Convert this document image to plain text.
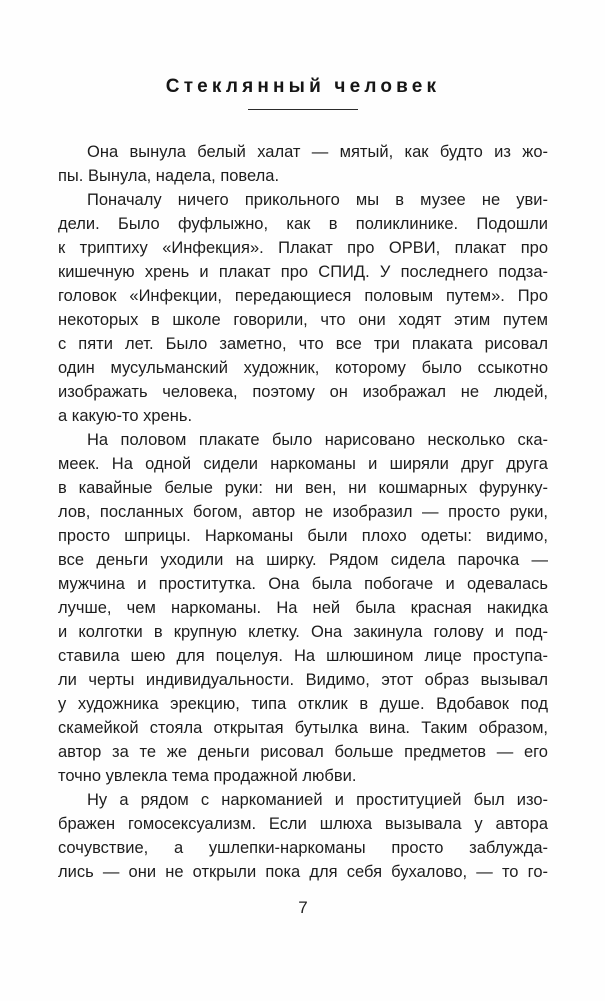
Стеклянный человек
Она вынула белый халат — мятый, как будто из жо-
пы. Вынула, надела, повела.
Поначалу ничего прикольного мы в музее не уви-
дели. Было фуфлыжно, как в поликлинике. Подошли
к триптиху «Инфекция». Плакат про ОРВИ, плакат про
кишечную хрень и плакат про СПИД. У последнего подза-
головок «Инфекции, передающиеся половым путем». Про
некоторых в школе говорили, что они ходят этим путем
с пяти лет. Было заметно, что все три плаката рисовал
один мусульманский художник, которому было ссыкотно
изображать человека, поэтому он изображал не людей,
а какую-то хрень.
На половом плакате было нарисовано несколько ска-
меек. На одной сидели наркоманы и ширяли друг друга
в кавайные белые руки: ни вен, ни кошмарных фурунку-
лов, посланных богом, автор не изобразил — просто руки,
просто шприцы. Наркоманы были плохо одеты: видимо,
все деньги уходили на ширку. Рядом сидела парочка —
мужчина и проститутка. Она была побогаче и одевалась
лучше, чем наркоманы. На ней была красная накидка
и колготки в крупную клетку. Она закинула голову и под-
ставила шею для поцелуя. На шлюшином лице проступа-
ли черты индивидуальности. Видимо, этот образ вызывал
у художника эрекцию, типа отклик в душе. Вдобавок под
скамейкой стояла открытая бутылка вина. Таким образом,
автор за те же деньги рисовал больше предметов — его
точно увлекла тема продажной любви.
Ну а рядом с наркоманией и проституцией был изо-
бражен гомосексуализм. Если шлюха вызывала у автора
сочувствие, а ушлепки-наркоманы просто заблужда-
лись — они не открыли пока для себя бухалово, — то го-
7
